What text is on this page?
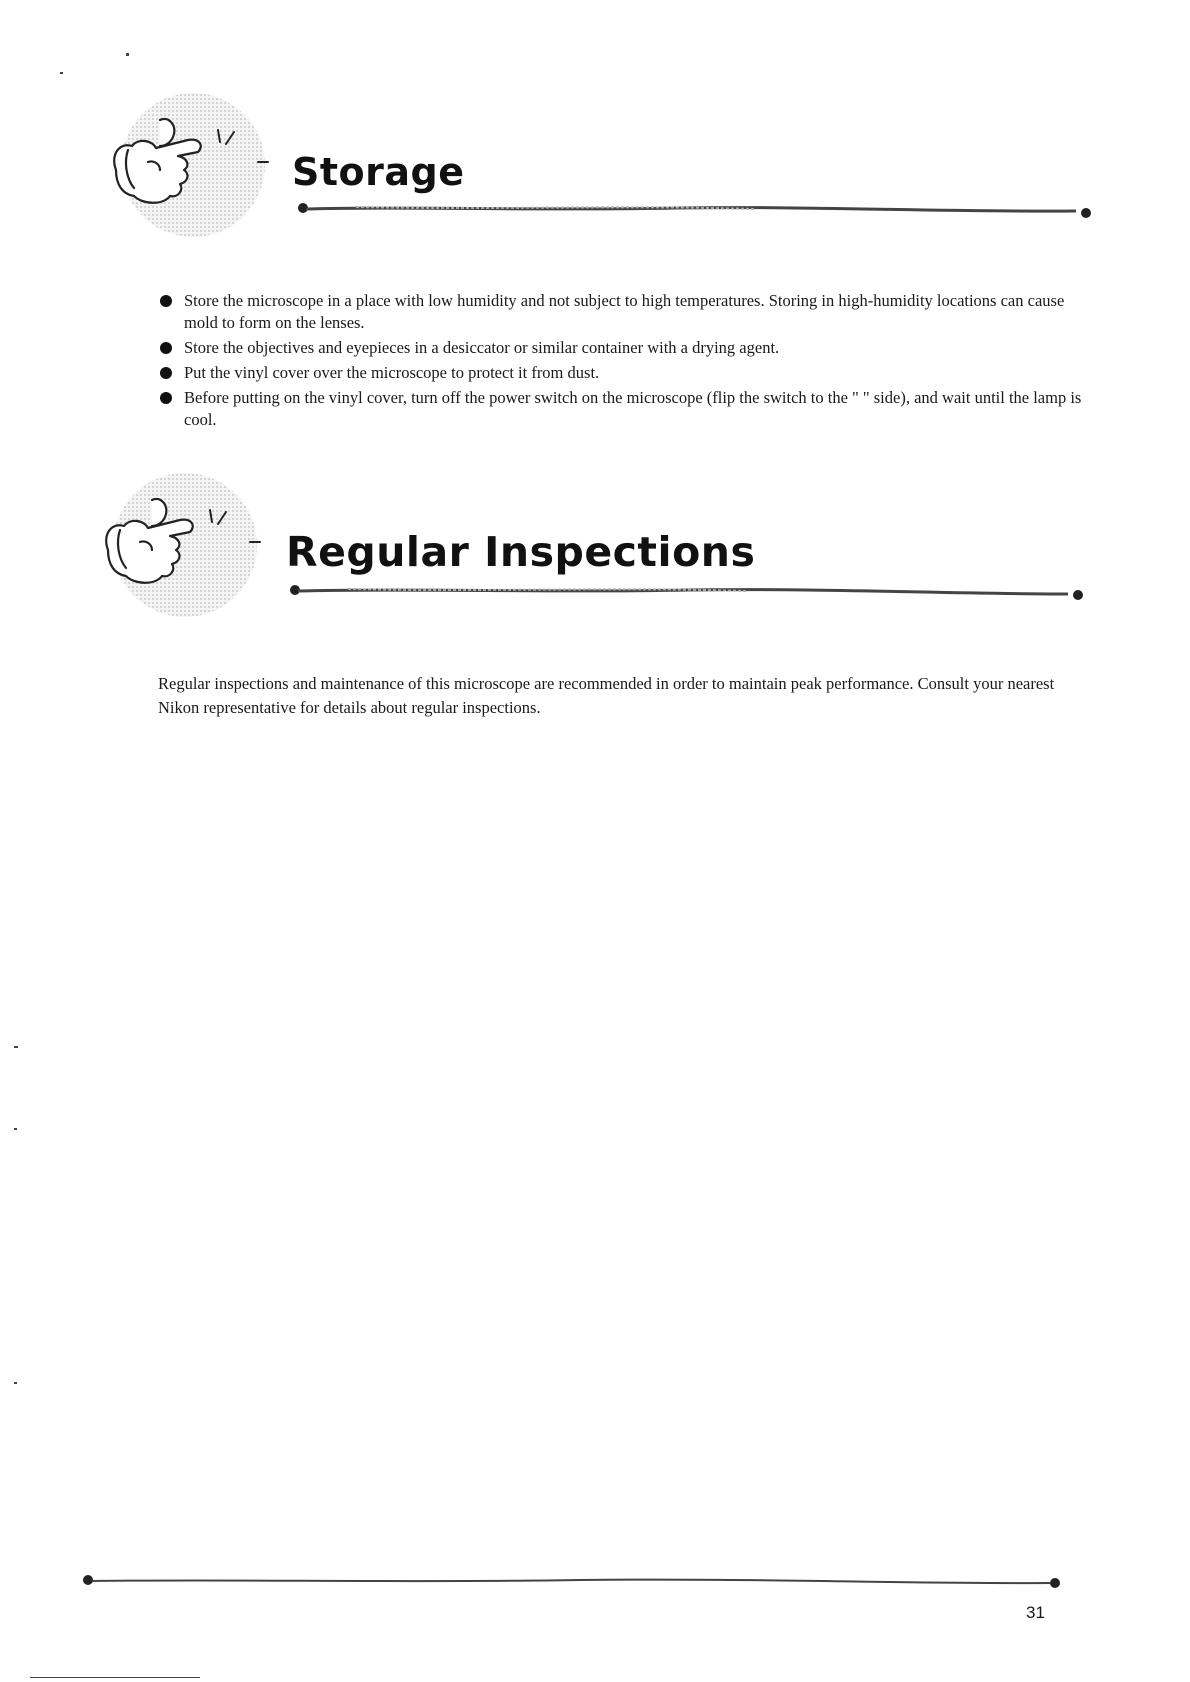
Storage
Store the microscope in a place with low humidity and not subject to high temperatures. Storing in high-humidity locations can cause mold to form on the lenses.
Store the objectives and eyepieces in a desiccator or similar container with a drying agent.
Put the vinyl cover over the microscope to protect it from dust.
Before putting on the vinyl cover, turn off the power switch on the microscope (flip the switch to the " " side), and wait until the lamp is cool.
Regular Inspections

Regular inspections and maintenance of this microscope are recommended in order to maintain peak performance. Consult your nearest Nikon representative for details about regular inspections.

31
